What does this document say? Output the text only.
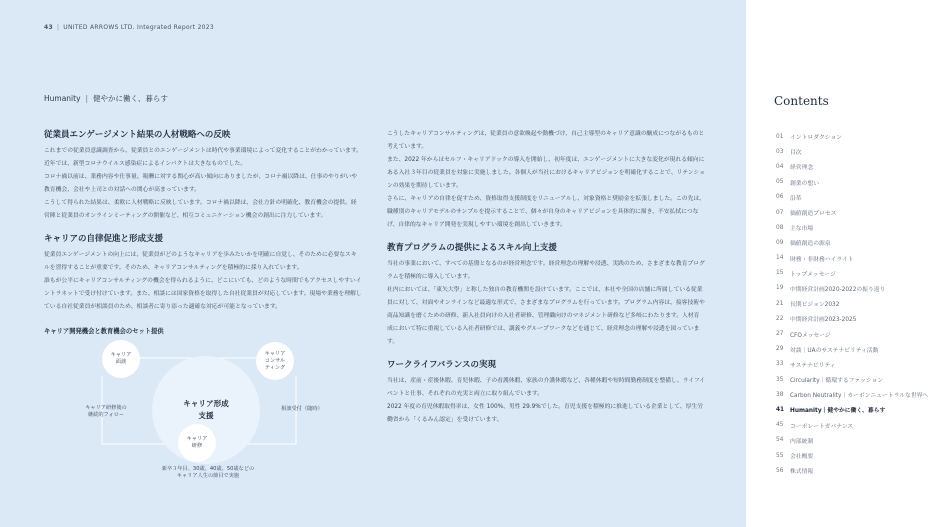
43 | UNITED ARROWS LTD. Integrated Report 2023
Humanity | 健やかに働く、暮らす
従業員エンゲージメント結果の人材戦略への反映

これまでの従業員意識調査から、従業員とのエンゲージメントは時代や事業環境によって変化することがわかっています。近年では、新型コロナウイルス感染症によるインパクトは大きなものでした。

コロナ禍以前は、業務内容や仕事量、報酬に対する関心が高い傾向にありましたが、コロナ禍以降は、仕事のやりがいや教育機会、会社や上司との対話への関心が高まっています。

こうして得られた結果は、柔軟に人材戦略に反映しています。コロナ禍以降は、会社方針の明確化、教育機会の提供、経営陣と従業員のオンラインミーティングの開催など、相互コミュニケーション機会の創出に注力しています。

キャリアの自律促進と形成支援

従業員エンゲージメントの向上には、従業員がどのようなキャリアを歩みたいかを明確に自覚し、そのために必要なスキルを習得することが重要です。そのため、キャリアコンサルティングを積極的に採り入れています。

誰もが公平にキャリアコンサルティングの機会を得られるように、どこにいても、どのような時間でもアクセスしやすいイントラネットで受け付けています。また、相談には国家資格を取得した自社従業員が対応しています。現場や業務を理解している自社従業員が相談員のため、相談者に寄り添った適確な対応が可能となっています。

キャリア開発機会と教育機会のセット提供
キャリア形成
支援
キャリア
面談
キャリア
コンサル
ティング
キャリア
研修
キャリア研修後の
継続的フォロー
相談受付（随時）
新卒３年目、30歳、40歳、50歳などの
キャリア人生の節目で実施

こうしたキャリアコンサルティングは、従業員の意欲喚起や動機づけ、自己主導型のキャリア意識の醸成につながるものと考えています。

また、2022 年からはセルフ・キャリアドックの導入を開始し、初年度は、エンゲージメントに大きな変化が現れる傾向にある入社３年目の従業員を対象に実施しました。各個人が当社におけるキャリアビジョンを明確化することで、リテンションの効果を期待しています。

さらに、キャリアの自律を促すため、資格取得支援制度をリニューアルし、対象資格と奨励金を拡張しました。この先は、職種別のキャリアモデルのサンプルを提示することで、個々が自身のキャリアビジョンを具体的に描き、不安払拭につなげ、自律的なキャリア開発を実現しやすい環境を創出していきます。

教育プログラムの提供によるスキル向上支援

当社の事業において、すべての基盤となるのが経営理念です。経営理念の理解や浸透、実践のため、さまざまな教育プログラムを積極的に導入しています。

社内においては、「東矢大學」と称した独自の教育機関を設けています。ここでは、本社や全国の店舗に所属している従業員に対して、対面やオンラインなど最適な形式で、さまざまなプログラムを行っています。プログラム内容は、接客技術や商品知識を磨くための研修、新入社員向けの入社者研修、管理職向けのマネジメント研修など多岐にわたります。人材育成において特に重視している入社者研修では、講義やグループワークなどを通じて、経営理念の理解や浸透を図っています。

ワークライフバランスの実現

当社は、産前・産後休暇、育児休暇、子の看護休暇、家族の介護休暇など、各種休暇や短時間勤務制度を整備し、ライフイベントと仕事、それぞれの充実と両立に取り組んでいます。

2022 年度の育児休暇取得率は、女性 100%、男性 29.9%でした。育児支援を積極的に推進している企業として、厚生労働省から「くるみん認定」を受けています。

Contents
01	イントロダクション
03	目次
04	経営理念
05	創業の想い
06	沿革
07	価値創造プロセス
08	主な市場
09	価値創造の源泉
14	財務・非財務ハイライト
15	トップメッセージ
19	中期経営計画2020-2022の振り返り
21	長期ビジョン2032
22	中期経営計画2023-2025
27	CFOメッセージ
29	対談｜UAのサステナビリティ活動
33	サステナビリティ
35	Circularity｜循環するファッション
38	Carbon Neutrality｜カーボンニュートラルな世界へ
41	Humanity｜健やかに働く、暮らす
45	コーポレートガバナンス
54	内部統制
55	会社概要
56	株式情報
